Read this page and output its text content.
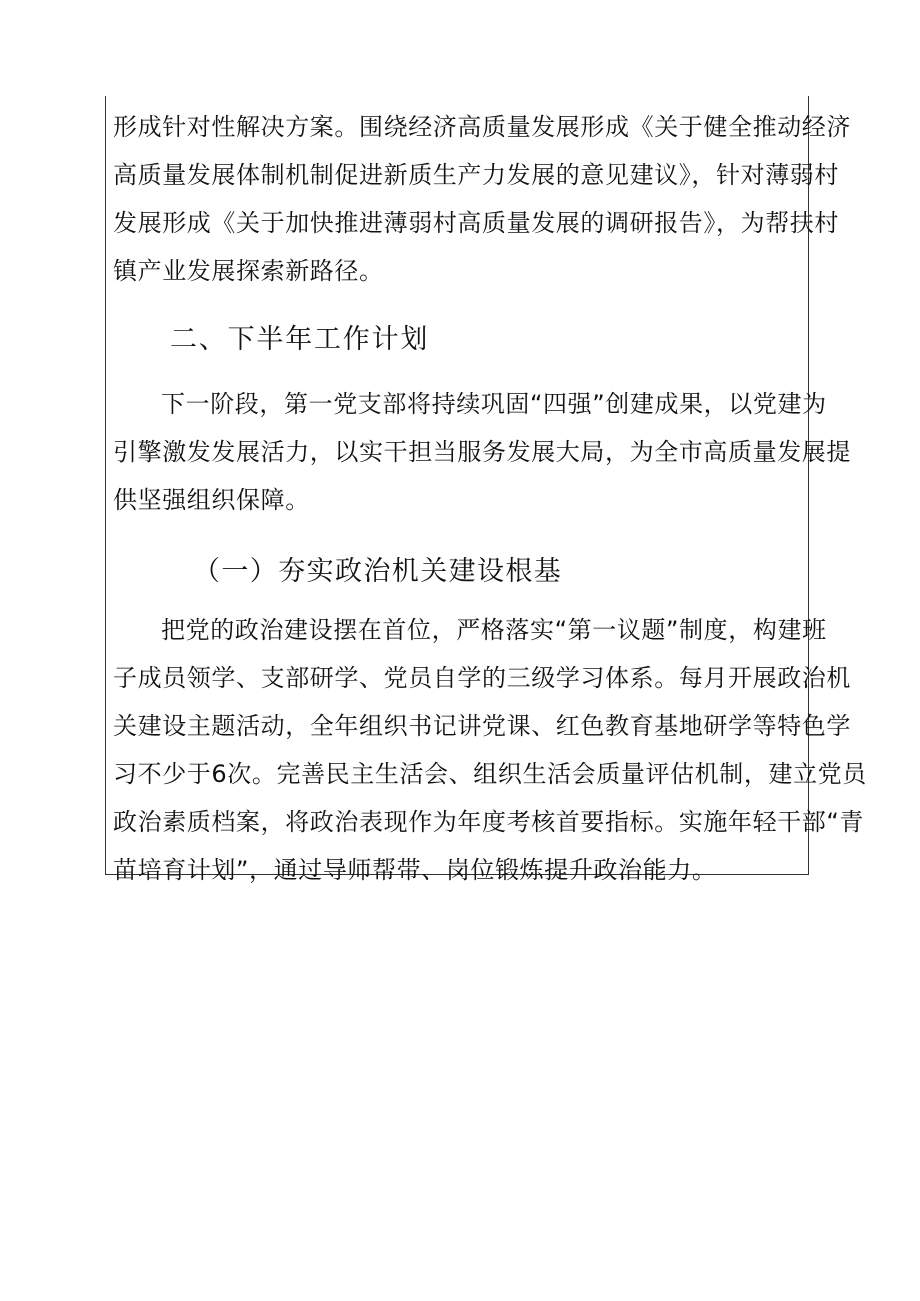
形成针对性解决方案。围绕经济高质量发展形成《关于健全推动经济
高质量发展体制机制促进新质生产力发展的意见建议》，针对薄弱村
发展形成《关于加快推进薄弱村高质量发展的调研报告》，为帮扶村
镇产业发展探索新路径。
二、下半年工作计划
下一阶段，第一党支部将持续巩固“四强”创建成果，以党建为
引擎激发发展活力，以实干担当服务发展大局，为全市高质量发展提
供坚强组织保障。
（一）夯实政治机关建设根基
把党的政治建设摆在首位，严格落实“第一议题”制度，构建班
子成员领学、支部研学、党员自学的三级学习体系。每月开展政治机
关建设主题活动，全年组织书记讲党课、红色教育基地研学等特色学
习不少于6次。完善民主生活会、组织生活会质量评估机制，建立党员
政治素质档案，将政治表现作为年度考核首要指标。实施年轻干部“青
苗培育计划”，通过导师帮带、岗位锻炼提升政治能力。
